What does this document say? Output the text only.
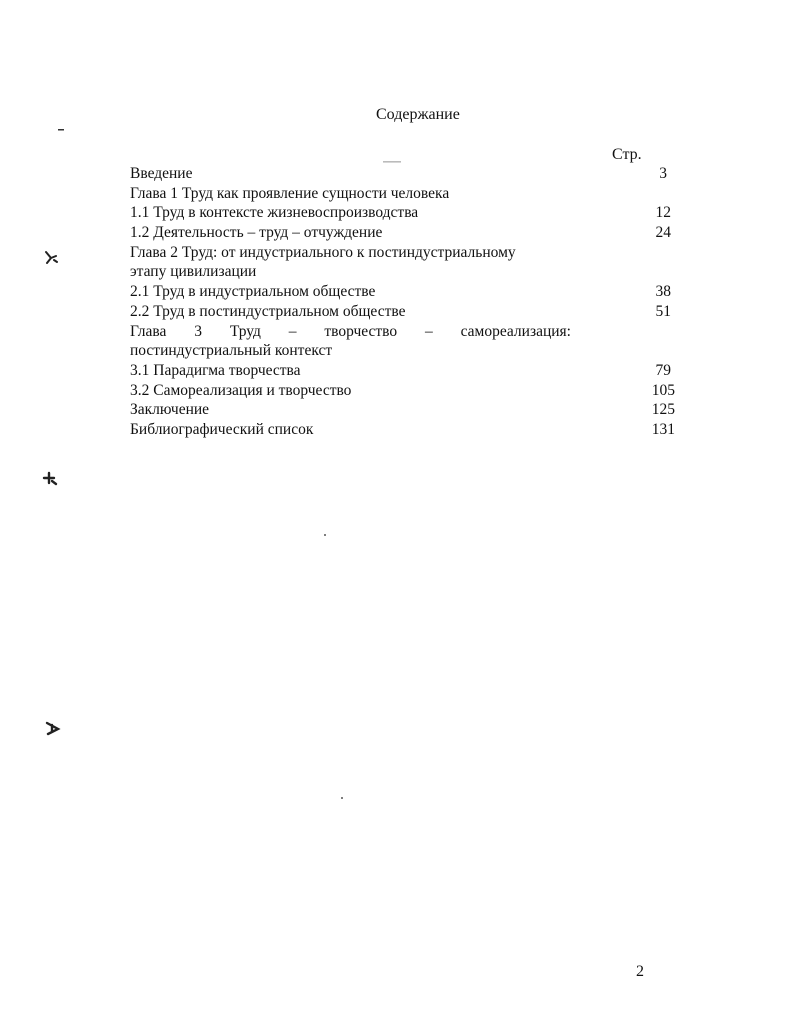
Содержание
Стр.
Введение	3
Глава 1 Труд как проявление сущности человека
1.1 Труд в контексте жизневоспроизводства	12
1.2 Деятельность – труд – отчуждение	24
Глава 2 Труд: от индустриального к постиндустриальному
этапу цивилизации
2.1 Труд в индустриальном обществе	38
2.2 Труд в постиндустриальном обществе	51
Глава 3 Труд – творчество – самореализация:
постиндустриальный контекст
3.1 Парадигма творчества	79
3.2 Самореализация и творчество	105
Заключение	125
Библиографический список	131
2
